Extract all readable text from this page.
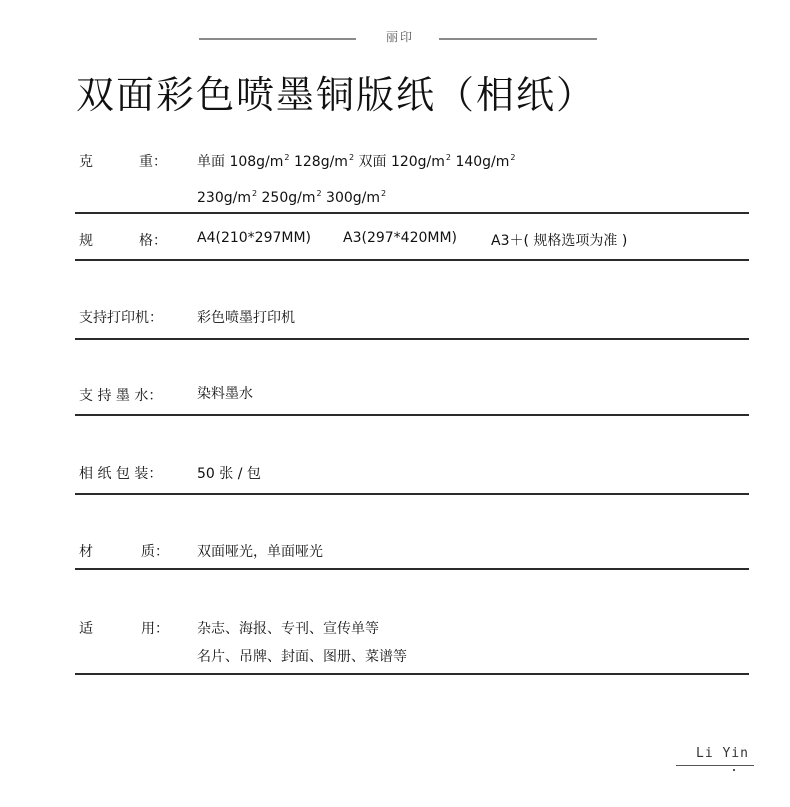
丽印
双面彩色喷墨铜版纸（相纸）
克	重： 单面 $108g/m^2$ $128g/m^2$ 双面 $120g/m^2$ $140g/m^2$
$230g/m^2$ $250g/m^2$ $300g/m^2$
规	格： A4(210*297MM) A3(297*420MM) A3＋( 规格选项为准 )
支持打印机： 彩色喷墨打印机
支 持 墨 水： 染料墨水
相 纸 包 装： 50 张 / 包
材	质： 双面哑光，单面哑光
适	用： 杂志、海报、专刊、宣传单等
名片、吊牌、封面、图册、菜谱等
Li Yin
